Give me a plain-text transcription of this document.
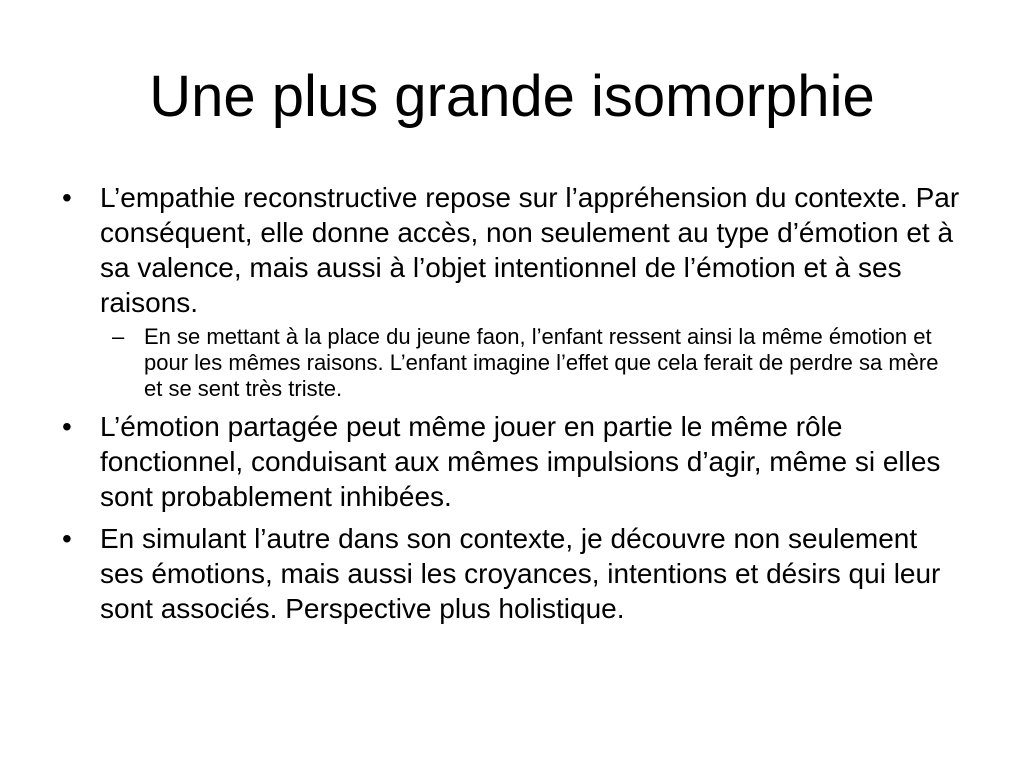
Une plus grande isomorphie
•	L’empathie reconstructive repose sur l’appréhension du contexte. Par conséquent, elle donne accès, non seulement au type d’émotion et à sa valence, mais aussi à l’objet intentionnel de l’émotion et à ses raisons.
– En se mettant à la place du jeune faon, l’enfant ressent ainsi la même émotion et pour les mêmes raisons. L’enfant imagine l’effet que cela ferait de perdre sa mère et se sent très triste.
•	L’émotion partagée peut même jouer en partie le même rôle fonctionnel, conduisant aux mêmes impulsions d’agir, même si elles sont probablement inhibées.
•	En simulant l’autre dans son contexte, je découvre non seulement ses émotions, mais aussi les croyances, intentions et désirs qui leur sont associés. Perspective plus holistique.
